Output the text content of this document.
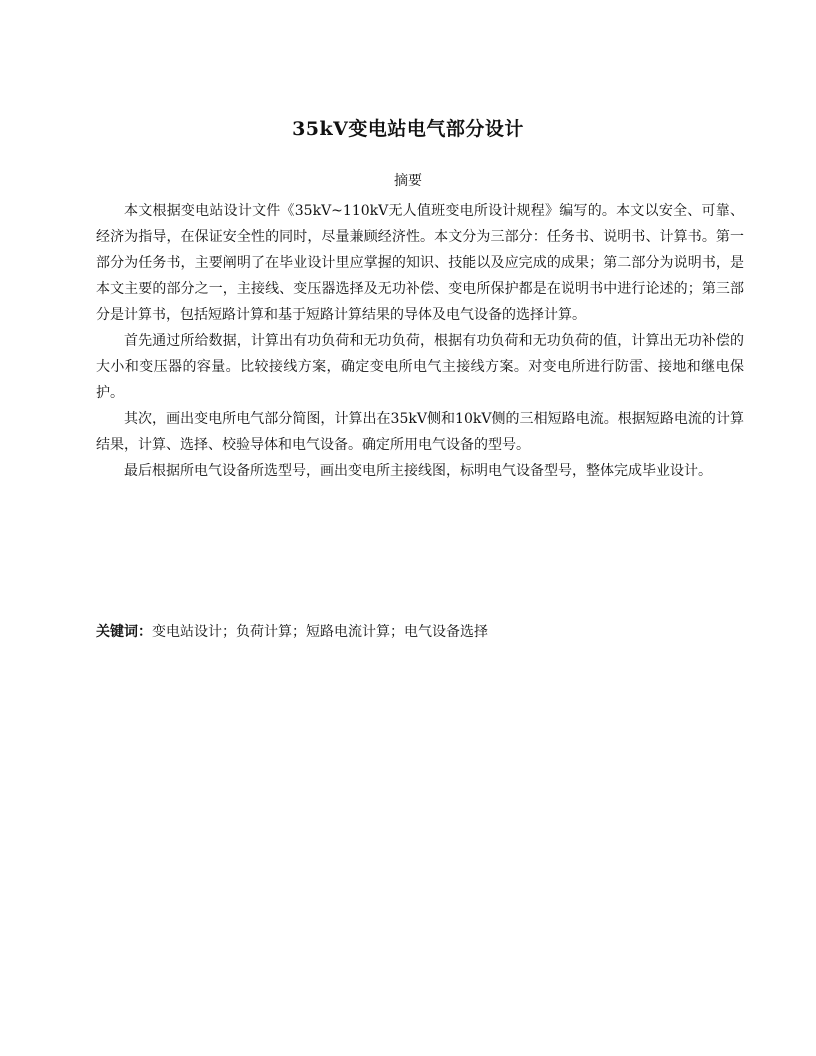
35kV变电站电气部分设计
摘要

本文根据变电站设计文件《35kV~110kV无人值班变电所设计规程》编写的。本文以安全、可靠、经济为指导，在保证安全性的同时，尽量兼顾经济性。本文分为三部分：任务书、说明书、计算书。第一部分为任务书，主要阐明了在毕业设计里应掌握的知识、技能以及应完成的成果；第二部分为说明书，是本文主要的部分之一，主接线、变压器选择及无功补偿、变电所保护都是在说明书中进行论述的；第三部分是计算书，包括短路计算和基于短路计算结果的导体及电气设备的选择计算。

首先通过所给数据，计算出有功负荷和无功负荷，根据有功负荷和无功负荷的值，计算出无功补偿的大小和变压器的容量。比较接线方案，确定变电所电气主接线方案。对变电所进行防雷、接地和继电保护。

其次，画出变电所电气部分简图，计算出在35kV侧和10kV侧的三相短路电流。根据短路电流的计算结果，计算、选择、校验导体和电气设备。确定所用电气设备的型号。

最后根据所电气设备所选型号，画出变电所主接线图，标明电气设备型号，整体完成毕业设计。

关键词：变电站设计；负荷计算；短路电流计算；电气设备选择
